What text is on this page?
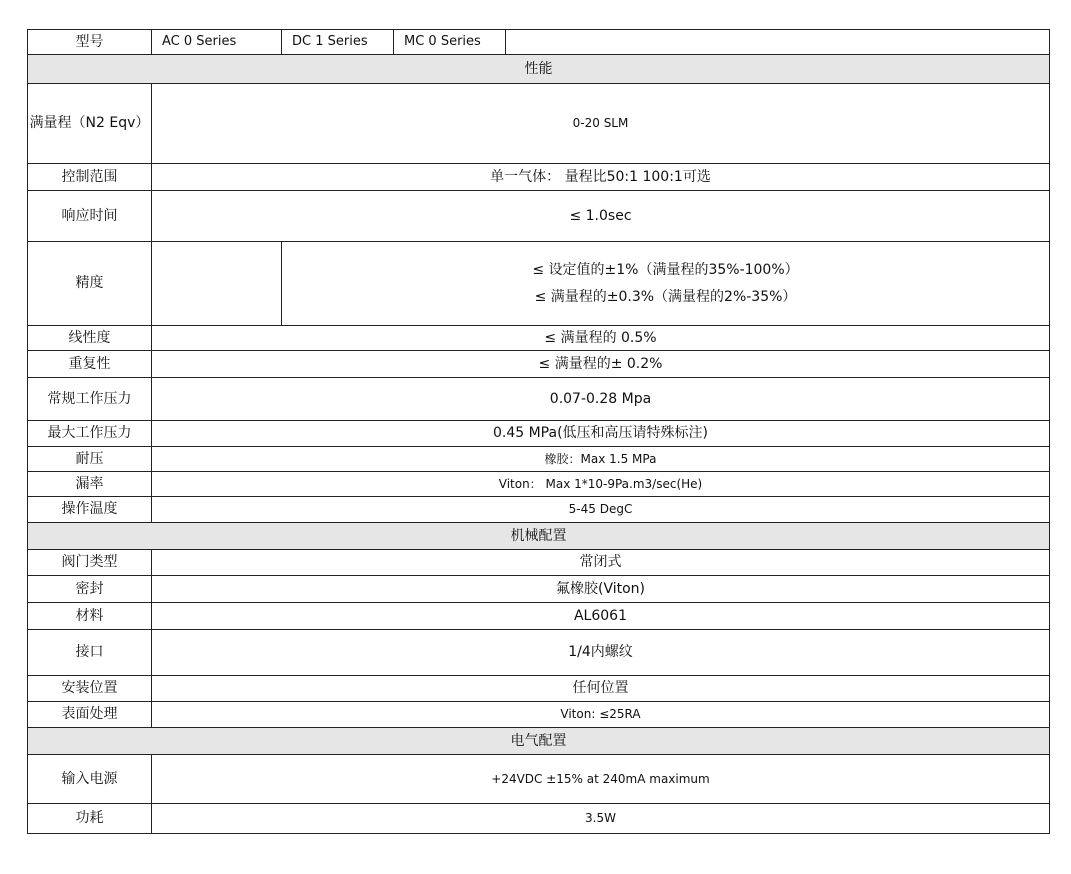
型号	AC 0 Series	DC 1 Series	MC 0 Series	
性能				
满量程（N2 Eqv）	0-20 SLM			
控制范围	单一气体： 量程比50:1 100:1可选			
响应时间	≤ 1.0sec			
精度		≤ 设定值的±1%（满量程的35%-100%）
≤ 满量程的±0.3%（满量程的2%-35%）		

线性度	≤ 满量程的 0.5%			
重复性	≤ 满量程的± 0.2%			
常规工作压力	0.07-0.28 Mpa			
最大工作压力	0.45 MPa(低压和高压请特殊标注)			
耐压	橡胶：Max 1.5 MPa			
漏率	Viton： Max 1*10-9Pa.m3/sec(He)			
操作温度	5-45 DegC			
机械配置				
阀门类型	常闭式			
密封	氟橡胶(Viton)			
材料	AL6061			
接口	1/4内螺纹			
安装位置	任何位置			
表面处理	Viton: ≤25RA			
电气配置				
输入电源	+24VDC ±15% at 240mA maximum			
功耗	3.5W			
